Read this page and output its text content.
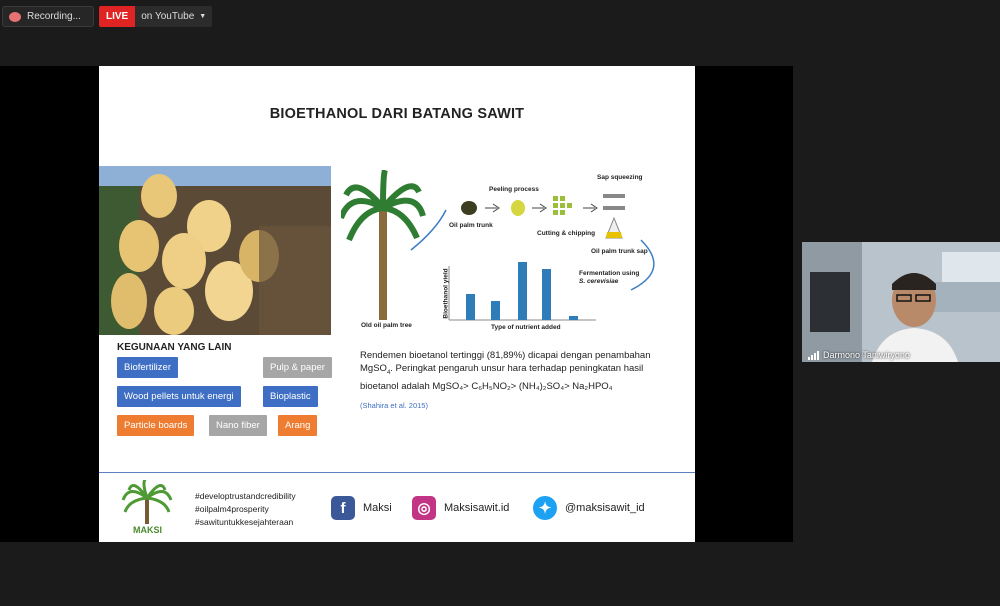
Recording...	LIVE	on YouTube ▼
BIOETHANOL DARI BATANG SAWIT
Peeling process
Sap squeezing
Oil palm trunk
Cutting & chipping
Oil palm trunk sap
Fermentation using
S. cerevisiae
Old oil palm tree	Type of nutrient added
Bioethanol yield
KEGUNAAN YANG LAIN
Biofertilizer	Pulp & paper
Wood pellets untuk energi	Bioplastic
Particle boards	Nano fiber	Arang
Rendemen bioetanol tertinggi (81,89%) dicapai dengan penambahan
MgSO$_4$. Peringkat pengaruh unsur hara terhadap peningkatan hasil
bioetanol adalah MgSO₄> C₆H₅NO₂> (NH₄)₂SO₄> Na₂HPO₄
(Shahira et al. 2015)
MAKSI
#developtrustandcredibility
#oilpalm4prosperity
#sawituntukkesejahteraan
f	Maksi	◎	Maksisawit.id	✦	@maksisawit_id
Darmono Taniwiryono
